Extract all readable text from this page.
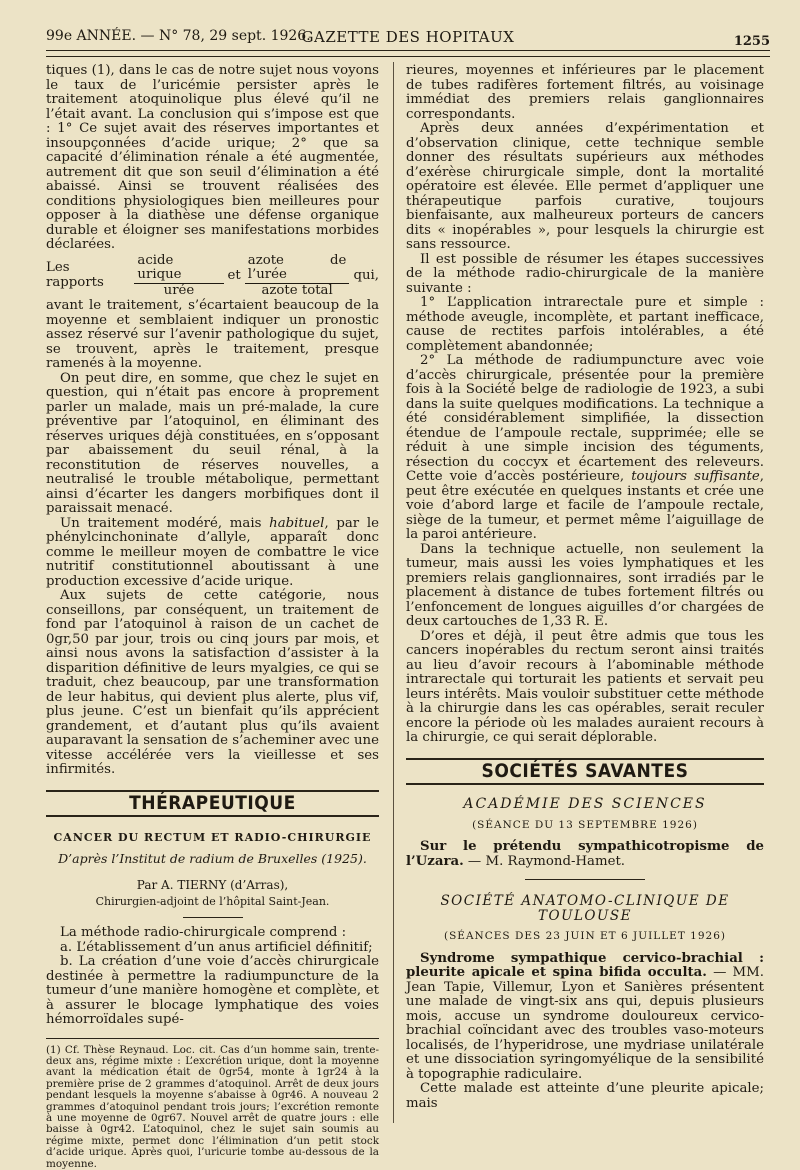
99e ANNÉE. — N° 78, 29 sept. 1926.
GAZETTE DES HOPITAUX	1255

tiques (1), dans le cas de notre sujet nous voyons le taux de l’uricémie persister après le traitement atoquinolique plus élevé qu’il ne l’était avant. La conclusion qui s’impose est que : 1° Ce sujet avait des réserves importantes et insoupçonnées d’acide urique; 2° que sa capacité d’élimination rénale a été augmentée, autrement dit que son seuil d’élimination a été abaissé. Ainsi se trouvent réalisées des conditions physiologiques bien meilleures pour opposer à la diathèse une défense organique durable et éloigner ses manifestations morbides déclarées.

Les rapports	$\frac{\text{acide urique}}{\text{urée}}$ et $\frac{\text{azote de l’urée}}{\text{azote total}}$ qui,

avant le traitement, s’écartaient beaucoup de la moyenne et semblaient indiquer un pronostic assez réservé sur l’avenir pathologique du sujet, se trouvent, après le traitement, presque ramenés à la moyenne.

On peut dire, en somme, que chez le sujet en question, qui n’était pas encore à proprement parler un malade, mais un pré-malade, la cure préventive par l’atoquinol, en éliminant des réserves uriques déjà constituées, en s’opposant par abaissement du seuil rénal, à la reconstitution de réserves nouvelles, a neutralisé le trouble métabolique, permettant ainsi d’écarter les dangers morbifiques dont il paraissait menacé.

Un traitement modéré, mais habituel, par le phénylcinchoninate d’allyle, apparaît donc comme le meilleur moyen de combattre le vice nutritif constitutionnel aboutissant à une production excessive d’acide urique.

Aux sujets de cette catégorie, nous conseillons, par conséquent, un traitement de fond par l’atoquinol à raison de un cachet de 0gr,50 par jour, trois ou cinq jours par mois, et ainsi nous avons la satisfaction d’assister à la disparition définitive de leurs myalgies, ce qui se traduit, chez beaucoup, par une transformation de leur habitus, qui devient plus alerte, plus vif, plus jeune. C’est un bienfait qu’ils apprécient grandement, et d’autant plus qu’ils avaient auparavant la sensation de s’acheminer avec une vitesse accélérée vers la vieillesse et ses infirmités.

THÉRAPEUTIQUE
CANCER DU RECTUM ET RADIO-CHIRURGIE
D’après l’Institut de radium de Bruxelles (1925).
Par A. TIERNY (d’Arras),
Chirurgien-adjoint de l’hôpital Saint-Jean.

La méthode radio-chirurgicale comprend :

a. L’établissement d’un anus artificiel définitif;

b. La création d’une voie d’accès chirurgicale destinée à permettre la radiumpuncture de la tumeur d’une manière homogène et complète, et à assurer le blocage lymphatique des voies hémorroïdales supé-

(1) Cf. Thèse Reynaud. Loc. cit. Cas d’un homme sain, trente-deux ans, régime mixte : L’excrétion urique, dont la moyenne avant la médication était de 0gr54, monte à 1gr24 à la première prise de 2 grammes d’atoquinol. Arrêt de deux jours pendant lesquels la moyenne s’abaisse à 0gr46. A nouveau 2 grammes d’atoquinol pendant trois jours; l’excrétion remonte à une moyenne de 0gr67. Nouvel arrêt de quatre jours : elle baisse à 0gr42. L’atoquinol, chez le sujet sain soumis au régime mixte, permet donc l’élimination d’un petit stock d’acide urique. Après quoi, l’uricurie tombe au-dessous de la moyenne.

rieures, moyennes et inférieures par le placement de tubes radifères fortement filtrés, au voisinage immédiat des premiers relais ganglionnaires correspondants.

Après deux années d’expérimentation et d’observation clinique, cette technique semble donner des résultats supérieurs aux méthodes d’exérèse chirurgicale simple, dont la mortalité opératoire est élevée. Elle permet d’appliquer une thérapeutique parfois curative, toujours bienfaisante, aux malheureux porteurs de cancers dits « inopérables », pour lesquels la chirurgie est sans ressource.

Il est possible de résumer les étapes successives de la méthode radio-chirurgicale de la manière suivante :

1° L’application intrarectale pure et simple : méthode aveugle, incomplète, et partant inefficace, cause de rectites parfois intolérables, a été complètement abandonnée;

2° La méthode de radiumpuncture avec voie d’accès chirurgicale, présentée pour la première fois à la Société belge de radiologie de 1923, a subi dans la suite quelques modifications. La technique a été considérablement simplifiée, la dissection étendue de l’ampoule rectale, supprimée; elle se réduit à une simple incision des téguments, résection du coccyx et écartement des releveurs. Cette voie d’accès postérieure, toujours suffisante, peut être exécutée en quelques instants et crée une voie d’abord large et facile de l’ampoule rectale, siège de la tumeur, et permet même l’aiguillage de la paroi antérieure.

Dans la technique actuelle, non seulement la tumeur, mais aussi les voies lymphatiques et les premiers relais ganglionnaires, sont irradiés par le placement à distance de tubes fortement filtrés ou l’enfoncement de longues aiguilles d’or chargées de deux cartouches de 1,33 R. E.

D’ores et déjà, il peut être admis que tous les cancers inopérables du rectum seront ainsi traités au lieu d’avoir recours à l’abominable méthode intrarectale qui torturait les patients et servait peu leurs intérêts. Mais vouloir substituer cette méthode à la chirurgie dans les cas opérables, serait reculer encore la période où les malades auraient recours à la chirurgie, ce qui serait déplorable.

SOCIÉTÉS SAVANTES
ACADÉMIE DES SCIENCES
(SÉANCE DU 13 SEPTEMBRE 1926)

Sur le prétendu sympathicotropisme de l’Uzara. — M. Raymond-Hamet.

SOCIÉTÉ ANATOMO-CLINIQUE DE TOULOUSE
(SÉANCES DES 23 JUIN ET 6 JUILLET 1926)

Syndrome sympathique cervico-brachial : pleurite apicale et spina bifida occulta. — MM. Jean Tapie, Villemur, Lyon et Sanières présentent une malade de vingt-six ans qui, depuis plusieurs mois, accuse un syndrome douloureux cervico-brachial coïncidant avec des troubles vaso-moteurs localisés, de l’hyperidrose, une mydriase unilatérale et une dissociation syringomyélique de la sensibilité à topographie radiculaire.

Cette malade est atteinte d’une pleurite apicale; mais
